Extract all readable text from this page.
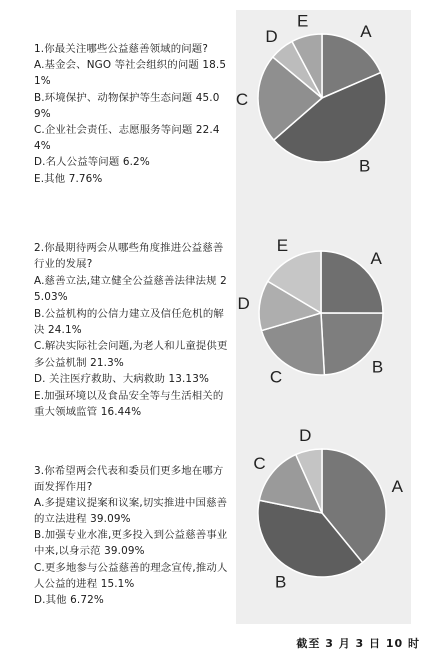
1.你最关注哪些公益慈善领域的问题?
A.基金会、NGO 等社会组织的问题 18.51%
B.环境保护、动物保护等生态问题 45.09%
C.企业社会责任、志愿服务等问题 22.44%
D.名人公益等问题 6.2%
E.其他 7.76%
A
B
C
D
E
2.你最期待两会从哪些角度推进公益慈善行业的发展?
A.慈善立法,建立健全公益慈善法律法规 25.03%
B.公益机构的公信力建立及信任危机的解决 24.1%
C.解决实际社会问题,为老人和儿童提供更多公益机制 21.3%
D. 关注医疗救助、大病救助 13.13%
E.加强环境以及食品安全等与生活相关的重大领域监管 16.44%
A
B
C
D
E
3.你希望两会代表和委员们更多地在哪方面发挥作用?
A.多提建议提案和议案,切实推进中国慈善的立法进程 39.09%
B.加强专业水准,更多投入到公益慈善事业中来,以身示范 39.09%
C.更多地参与公益慈善的理念宣传,推动人人公益的进程 15.1%
D.其他 6.72%
A
B
C
D
截至 3 月 3 日 10 时
